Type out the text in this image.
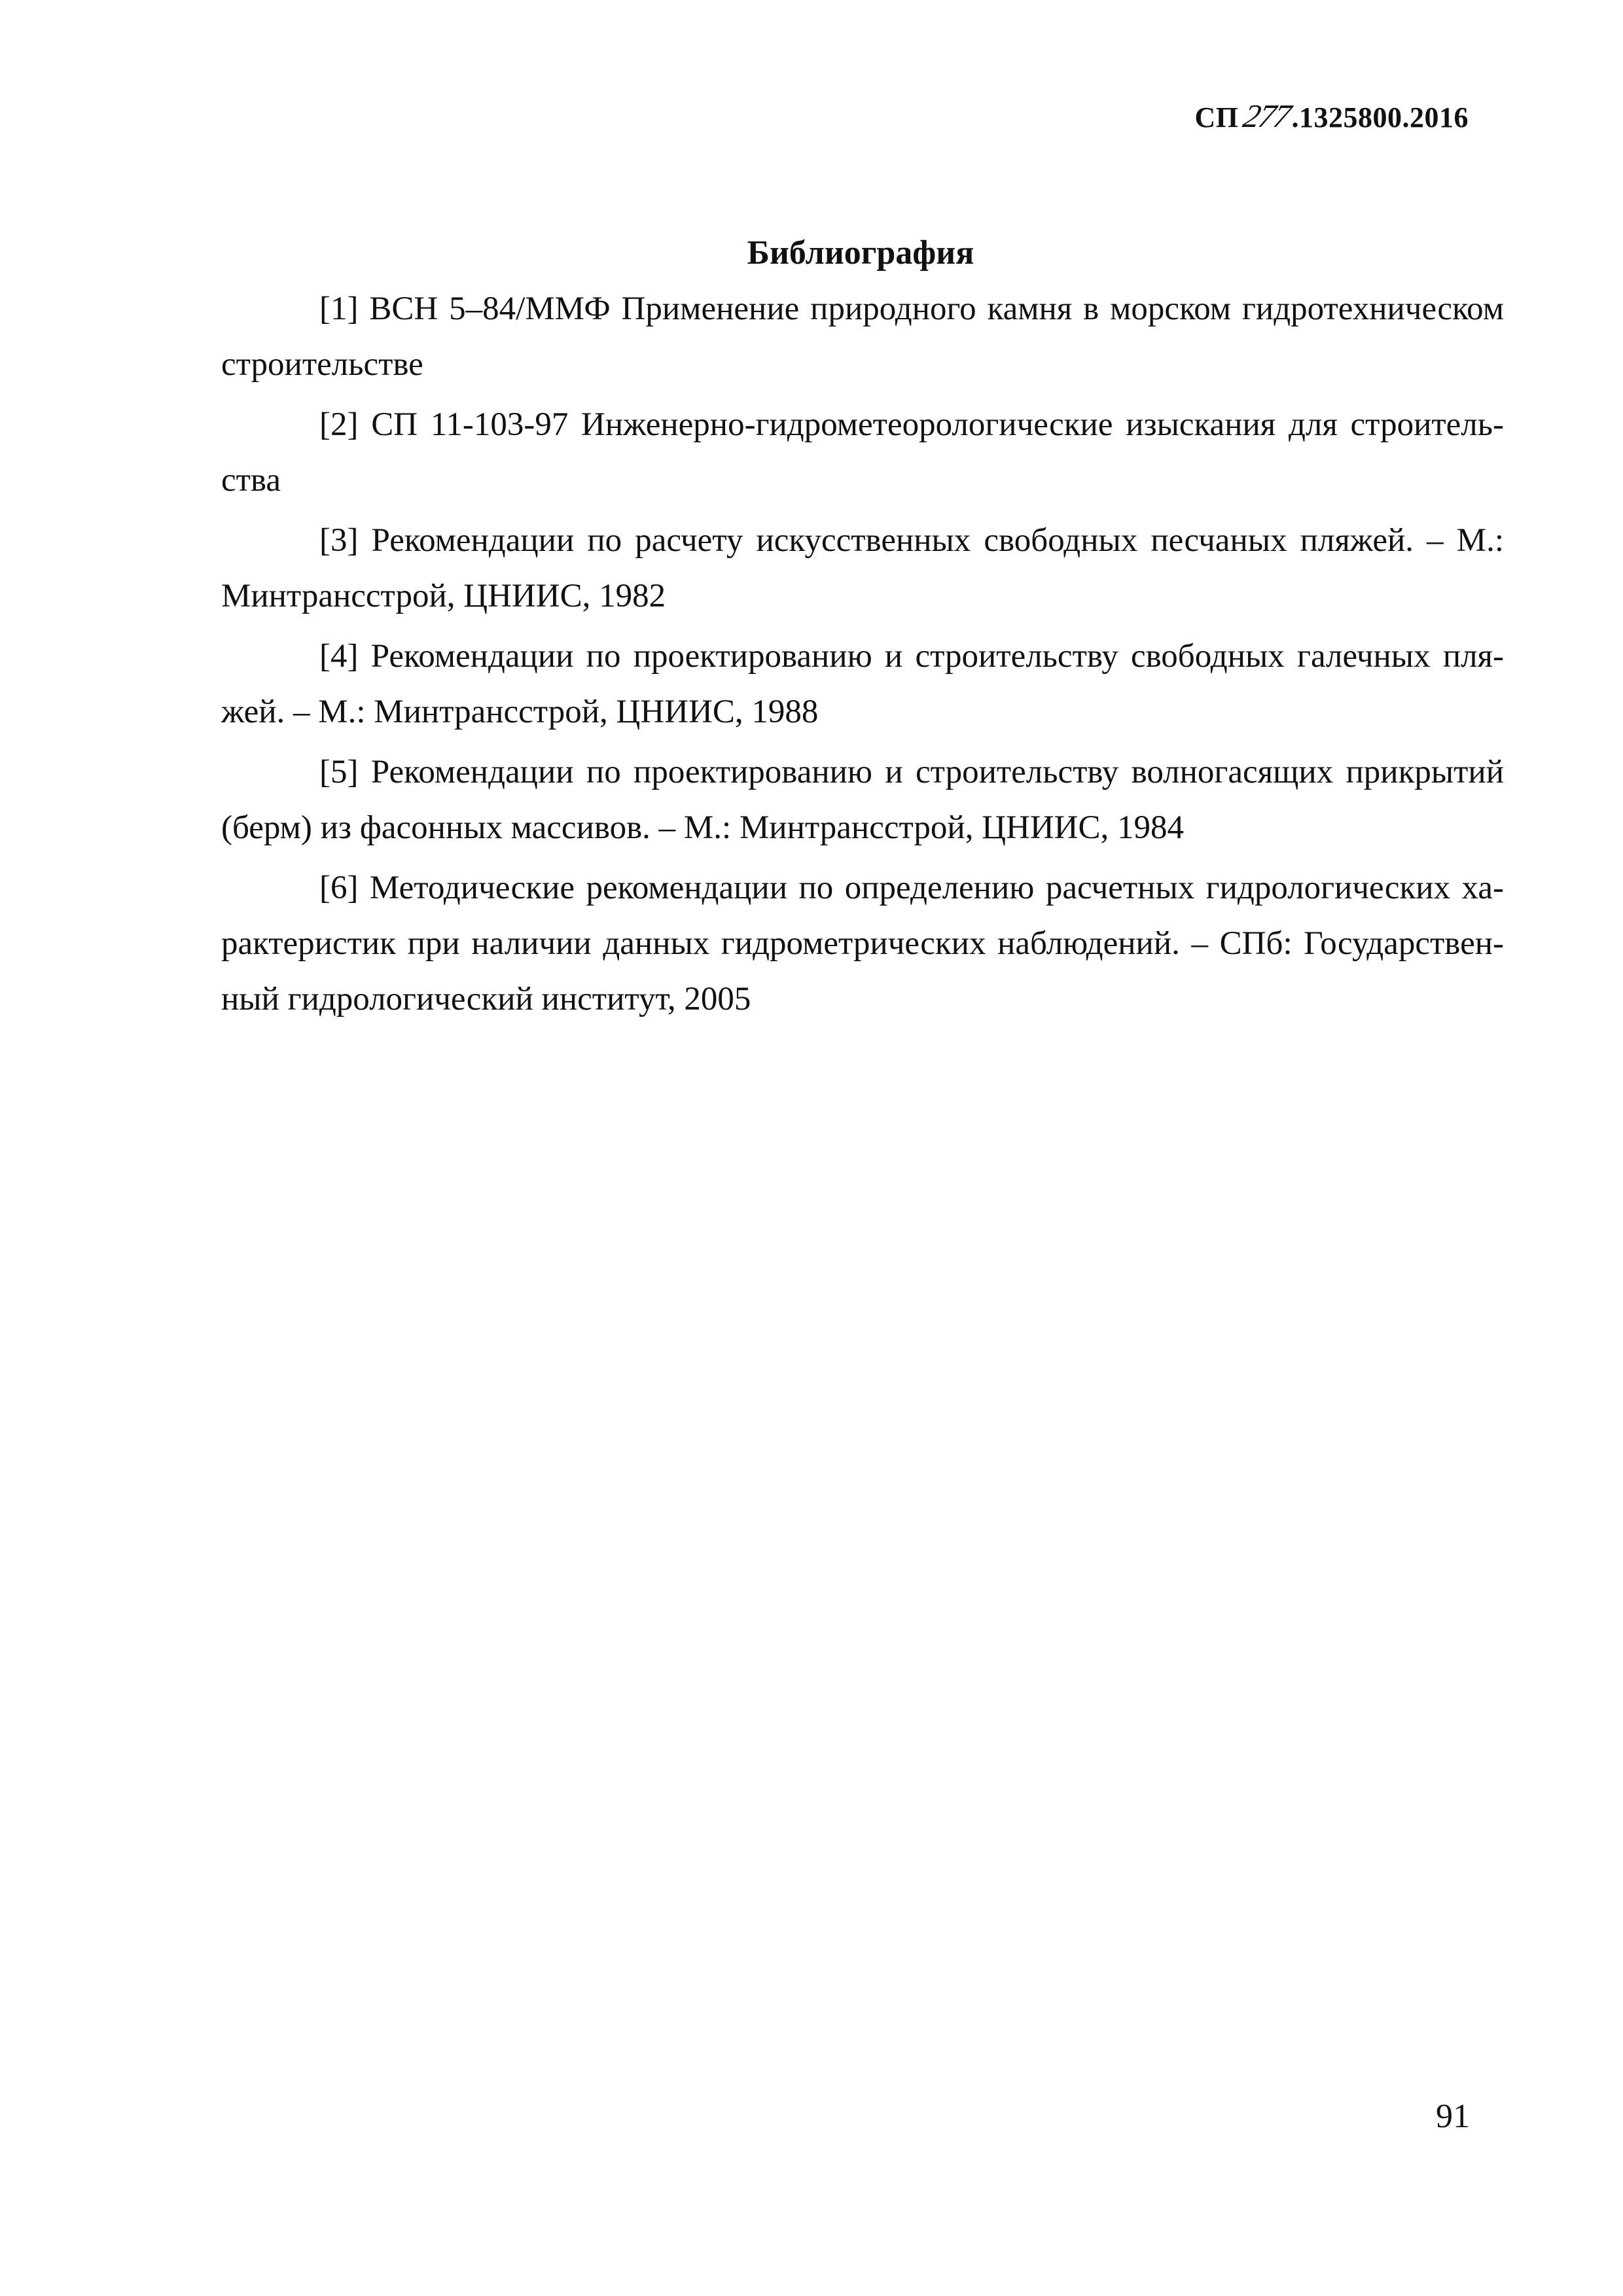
СП 277
.1325800.2016
Библиография

[1] ВСН 5–84/ММФ Применение природного камня в морском гидротехническом строительстве

[2] СП 11-103-97 Инженерно-гидрометеорологические изыскания для строитель-ства

[3] Рекомендации по расчету искусственных свободных песчаных пляжей. – М.: Минтрансстрой, ЦНИИС, 1982

[4] Рекомендации по проектированию и строительству свободных галечных пля-жей. – М.: Минтрансстрой, ЦНИИС, 1988

[5] Рекомендации по проектированию и строительству волногасящих прикрытий (берм) из фасонных массивов. – М.: Минтрансстрой, ЦНИИС, 1984

[6] Методические рекомендации по определению расчетных гидрологических ха-рактеристик при наличии данных гидрометрических наблюдений. – СПб: Государствен-ный гидрологический институт, 2005

91
